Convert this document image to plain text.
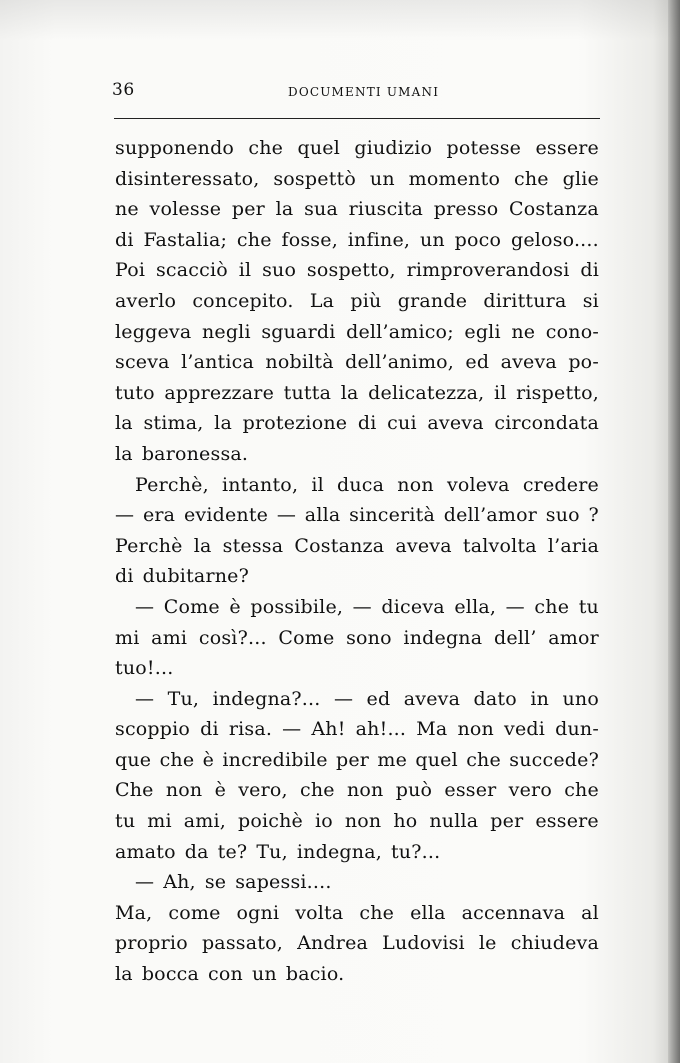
36	DOCUMENTI UMANI
supponendo che quel giudizio potesse essere
disinteressato, sospettò un momento che glie
ne volesse per la sua riuscita presso Costanza
di Fastalia; che fosse, infine, un poco geloso....
Poi scacciò il suo sospetto, rimproverandosi di
averlo concepito. La più grande dirittura si
leggeva negli sguardi dell’amico; egli ne cono-
sceva l’antica nobiltà dell’animo, ed aveva po-
tuto apprezzare tutta la delicatezza, il rispetto,
la stima, la protezione di cui aveva circondata
la baronessa.
Perchè, intanto, il duca non voleva credere
— era evidente — alla sincerità dell’amor suo ?
Perchè la stessa Costanza aveva talvolta l’aria
di dubitarne?
— Come è possibile, — diceva ella, — che tu
mi ami così?... Come sono indegna dell’ amor
tuo!...
— Tu, indegna?... — ed aveva dato in uno
scoppio di risa. — Ah! ah!... Ma non vedi dun-
que che è incredibile per me quel che succede?
Che non è vero, che non può esser vero che
tu mi ami, poichè io non ho nulla per essere
amato da te? Tu, indegna, tu?...
— Ah, se sapessi....
Ma, come ogni volta che ella accennava al
proprio passato, Andrea Ludovisi le chiudeva
la bocca con un bacio.
